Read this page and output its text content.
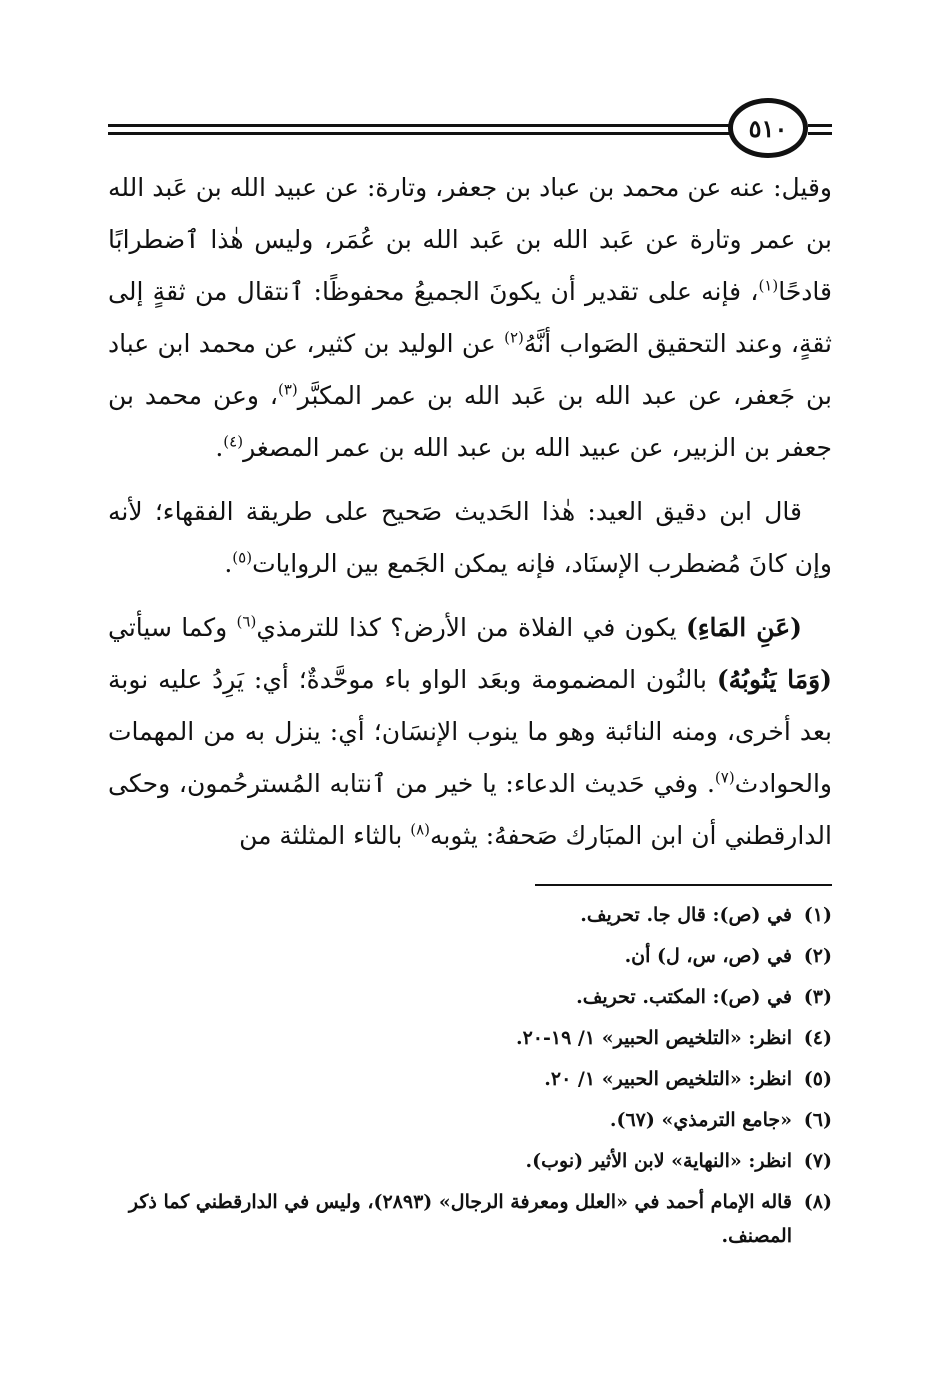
٥١٠

وقيل: عنه عن محمد بن عباد بن جعفر، وتارة: عن عبيد الله بن عَبد الله بن عمر وتارة عن عَبد الله بن عَبد الله بن عُمَر، وليس هٰذا ٱضطرابًا قادحًا$^{(١)}$، فإنه على تقدير أن يكونَ الجميعُ محفوظًا: ٱنتقال من ثقةٍ إلى ثقةٍ، وعند التحقيق الصَواب أنَّهُ$^{(٢)}$ عن الوليد بن كثير، عن محمد ابن عباد بن جَعفر، عن عبد الله بن عَبد الله بن عمر المكبَّر$^{(٣)}$، وعن محمد بن جعفر بن الزبير، عن عبيد الله بن عبد الله بن عمر المصغر$^{(٤)}$.

قال ابن دقيق العيد: هٰذا الحَديث صَحيح على طريقة الفقهاء؛ لأنه وإن كانَ مُضطرب الإسنَاد، فإنه يمكن الجَمع بين الروايات$^{(٥)}$.

(عَنِ المَاءِ) يكون في الفلاة من الأرض؟ كذا للترمذي$^{(٦)}$ وكما سيأتي (وَمَا يَنُوبُهُ) بالنُون المضمومة وبعَد الواو باء موحَّدةٌ؛ أي: يَرِدُ عليه نوبة بعد أخرى، ومنه النائبة وهو ما ينوب الإنسَان؛ أي: ينزل به من المهمات والحوادث$^{(٧)}$. وفي حَديث الدعاء: يا خير من ٱنتابه المُسترحُمون، وحكى الدارقطني أن ابن المبَارك صَحفهُ: يثوبه$^{(٨)}$ بالثاء المثلثة من

(١)
في (ص): قال جا. تحريف.
(٢)
في (ص، س، ل) أن.
(٣)
في (ص): المكتب. تحريف.
(٤)
انظر: «التلخيص الحبير» ١/ ١٩-٢٠.
(٥)
انظر: «التلخيص الحبير» ١/ ٢٠.
(٦)
«جامع الترمذي» (٦٧).
(٧)
انظر: «النهاية» لابن الأثير (نوب).
(٨)
قاله الإمام أحمد في «العلل ومعرفة الرجال» (٢٨٩٣)، وليس في الدارقطني كما ذكر المصنف.
